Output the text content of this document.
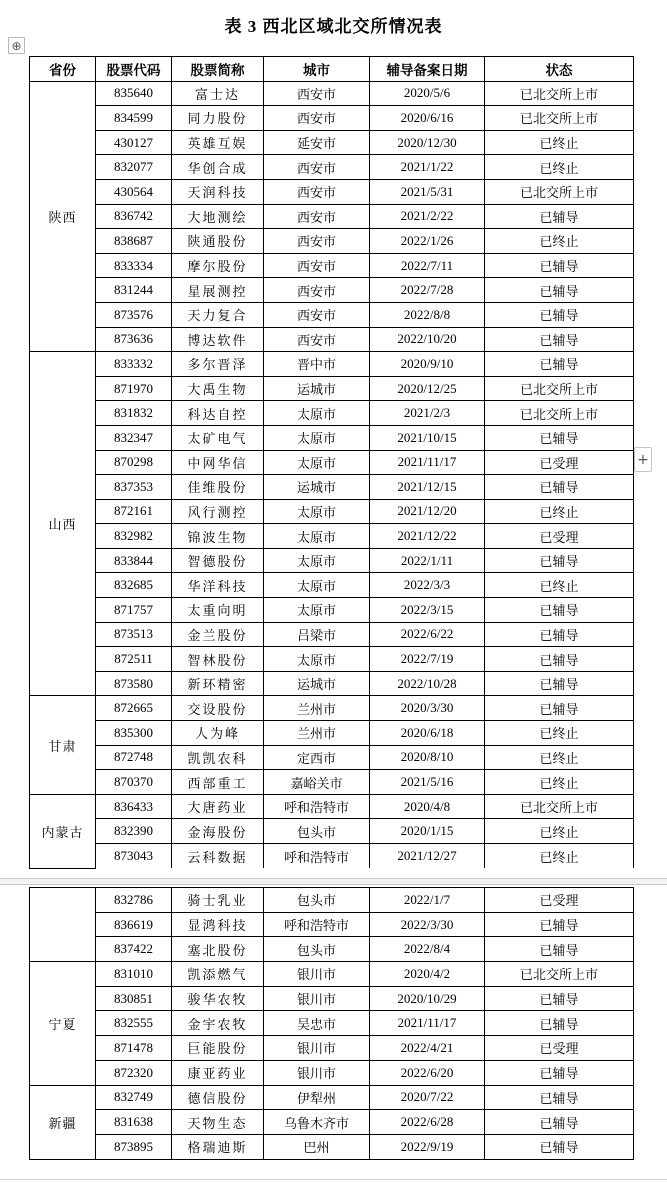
表 3 西北区域北交所情况表
⊕
+
省份	股票代码	股票简称	城市	辅导备案日期	状态
陕西	835640	富士达	西安市	2020/5/6	已北交所上市
	834599	同力股份	西安市	2020/6/16	已北交所上市
	430127	英雄互娱	延安市	2020/12/30	已终止
	832077	华创合成	西安市	2021/1/22	已终止
	430564	天润科技	西安市	2021/5/31	已北交所上市
	836742	大地测绘	西安市	2021/2/22	已辅导
	838687	陕通股份	西安市	2022/1/26	已终止
	833334	摩尔股份	西安市	2022/7/11	已辅导
	831244	星展测控	西安市	2022/7/28	已辅导
	873576	天力复合	西安市	2022/8/8	已辅导
	873636	博达软件	西安市	2022/10/20	已辅导
山西	833332	多尔晋泽	晋中市	2020/9/10	已辅导
	871970	大禹生物	运城市	2020/12/25	已北交所上市
	831832	科达自控	太原市	2021/2/3	已北交所上市
	832347	太矿电气	太原市	2021/10/15	已辅导
	870298	中网华信	太原市	2021/11/17	已受理
	837353	佳维股份	运城市	2021/12/15	已辅导
	872161	风行测控	太原市	2021/12/20	已终止
	832982	锦波生物	太原市	2021/12/22	已受理
	833844	智德股份	太原市	2022/1/11	已辅导
	832685	华洋科技	太原市	2022/3/3	已终止
	871757	太重向明	太原市	2022/3/15	已辅导
	873513	金兰股份	吕梁市	2022/6/22	已辅导
	872511	智林股份	太原市	2022/7/19	已辅导
	873580	新环精密	运城市	2022/10/28	已辅导
甘肃	872665	交设股份	兰州市	2020/3/30	已辅导
	835300	人为峰	兰州市	2020/6/18	已终止
	872748	凯凯农科	定西市	2020/8/10	已终止
	870370	西部重工	嘉峪关市	2021/5/16	已终止
内蒙古	836433	大唐药业	呼和浩特市	2020/4/8	已北交所上市
	832390	金海股份	包头市	2020/1/15	已终止
	873043	云科数据	呼和浩特市	2021/12/27	已终止
	832786	骑士乳业	包头市	2022/1/7	已受理
	836619	显鸿科技	呼和浩特市	2022/3/30	已辅导
	837422	塞北股份	包头市	2022/8/4	已辅导
宁夏	831010	凯添燃气	银川市	2020/4/2	已北交所上市
	830851	骏华农牧	银川市	2020/10/29	已辅导
	832555	金宇农牧	吴忠市	2021/11/17	已辅导
	871478	巨能股份	银川市	2022/4/21	已受理
	872320	康亚药业	银川市	2022/6/20	已辅导
新疆	832749	德信股份	伊犁州	2020/7/22	已辅导
	831638	天物生态	乌鲁木齐市	2022/6/28	已辅导
	873895	格瑞迪斯	巴州	2022/9/19	已辅导
